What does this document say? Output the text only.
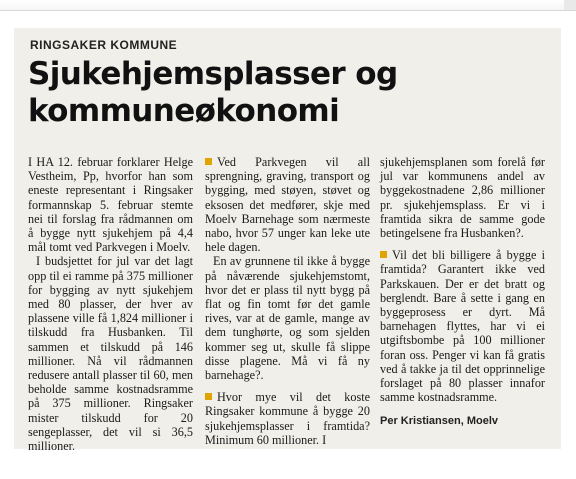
RINGSAKER KOMMUNE
Sjukehjemsplasser og
kommuneøkonomi

I HA 12. februar forklarer Helge Vestheim, Pp, hvorfor han som eneste representant i Ringsaker formannskap 5. februar stemte nei til forslag fra rådmannen om å bygge nytt sjukehjem på 4,4 mål tomt ved Parkvegen i Moelv.

I budsjettet for jul var det lagt opp til ei ramme på 375 millioner for bygging av nytt sjukehjem med 80 plasser, der hver av plassene ville få 1,824 millioner i tilskudd fra Husbanken. Til sammen et tilskudd på 146 millioner. Nå vil rådmannen redusere antall plasser til 60, men beholde samme kostnadsramme på 375 millioner. Ringsaker mister tilskudd for 20 sengeplasser, det vil si 36,5 millioner.

Ved Parkvegen vil all sprengning, graving, transport og bygging, med støyen, støvet og eksosen det medfører, skje med Moelv Barnehage som nærmeste nabo, hvor 57 unger kan leke ute hele dagen.

En av grunnene til ikke å bygge på nåværende sjukehjemstomt, hvor det er plass til nytt bygg på flat og fin tomt før det gamle rives, var at de gamle, mange av dem tunghørte, og som sjelden kommer seg ut, skulle få slippe disse plagene. Må vi få ny barnehage?.

Hvor mye vil det koste Ringsaker kommune å bygge 20 sjukehjemsplasser i framtida? Minimum 60 millioner. I

sjukehjemsplanen som forelå før jul var kommunens andel av byggekostnadene 2,86 millioner pr. sjukehjemsplass. Er vi i framtida sikra de samme gode betingelsene fra Husbanken?.

Vil det bli billigere å bygge i framtida? Garantert ikke ved Parkskauen. Der er det bratt og berglendt. Bare å sette i gang en byggeprosess er dyrt. Må barnehagen flyttes, har vi ei utgiftsbombe på 100 millioner foran oss. Penger vi kan få gratis ved å takke ja til det opprinnelige forslaget på 80 plasser innafor samme kostnadsramme.

Per Kristiansen, Moelv
